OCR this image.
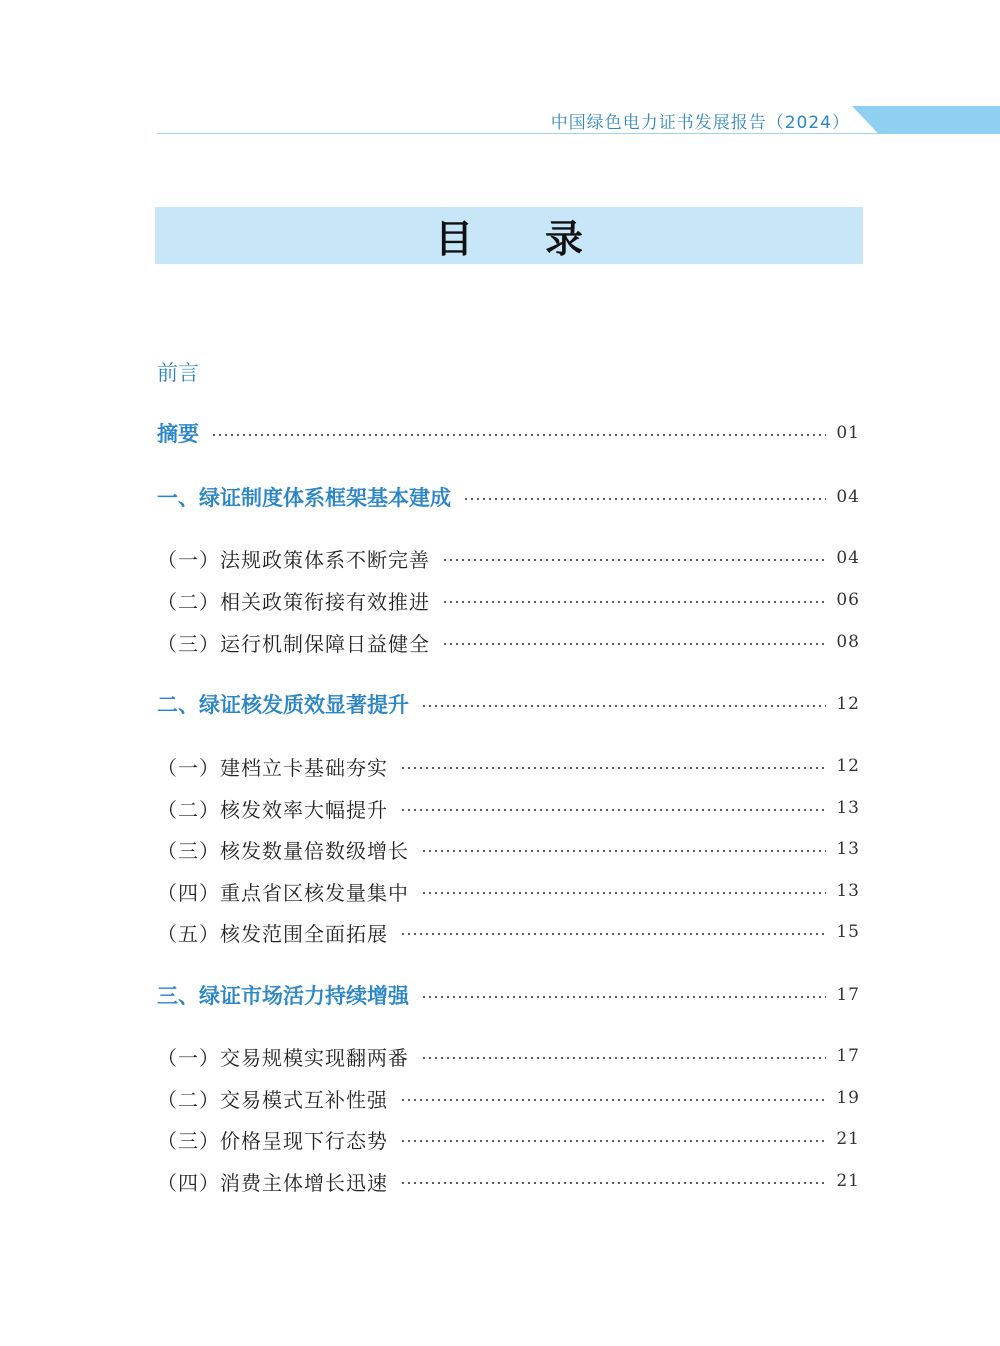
中国绿色电力证书发展报告（2024）
目录
前言
摘要	01
一、绿证制度体系框架基本建成	04
（一）法规政策体系不断完善	04
（二）相关政策衔接有效推进	06
（三）运行机制保障日益健全	08
二、绿证核发质效显著提升	12
（一）建档立卡基础夯实	12
（二）核发效率大幅提升	13
（三）核发数量倍数级增长	13
（四）重点省区核发量集中	13
（五）核发范围全面拓展	15
三、绿证市场活力持续增强	17
（一）交易规模实现翻两番	17
（二）交易模式互补性强	19
（三）价格呈现下行态势	21
（四）消费主体增长迅速	21
